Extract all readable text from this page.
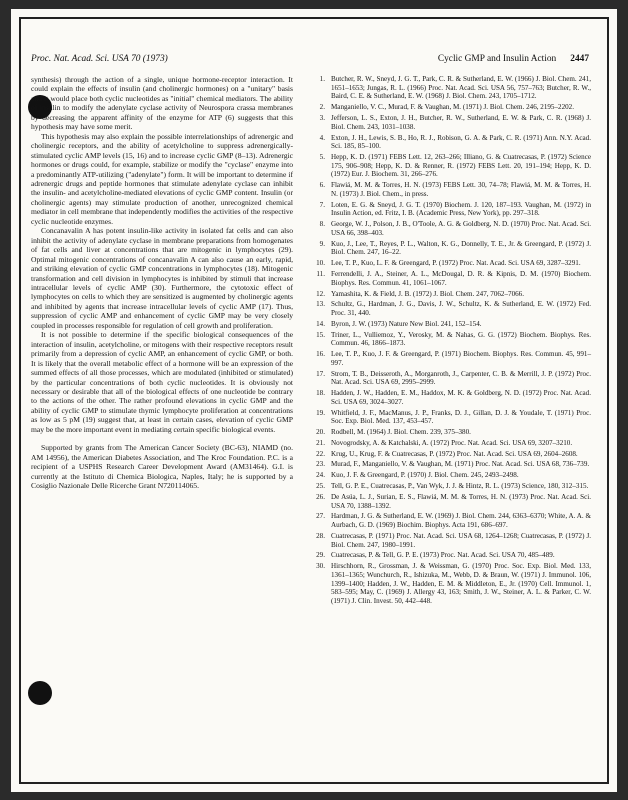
Proc. Nat. Acad. Sci. USA 70 (1973)	Cyclic GMP and Insulin Action 2447

synthesis) through the action of a single, unique hormone-receptor interaction. It could explain the effects of insulin (and cholinergic hormones) on a "unitary" basis and it would place both cyclic nucleotides as "initial" chemical mediators. The ability of insulin to modify the adenylate cyclase activity of Neurospora crassa membranes by decreasing the apparent affinity of the enzyme for ATP (6) suggests that this hypothesis may have some merit.

This hypothesis may also explain the possible interrelationships of adrenergic and cholinergic receptors, and the ability of acetylcholine to suppress adrenergically-stimulated cyclic AMP levels (15, 16) and to increase cyclic GMP (8–13). Adrenergic hormones or drugs could, for example, stabilize or modify the "cyclase" enzyme into a predominantly ATP-utilizing ("adenylate") form. It will be important to determine if adrenergic drugs and peptide hormones that stimulate adenylate cyclase can inhibit the insulin- and acetylcholine-mediated elevations of cyclic GMP content. Insulin (or cholinergic agents) may stimulate production of another, unrecognized chemical mediator in cell membrane that independently modifies the activities of the respective cyclic nucleotide enzymes.

Concanavalin A has potent insulin-like activity in isolated fat cells and can also inhibit the activity of adenylate cyclase in membrane preparations from homogenates of fat cells and liver at concentrations that are mitogenic in lymphocytes (29). Optimal mitogenic concentrations of concanavalin A can also cause an early, rapid, and striking elevation of cyclic GMP concentrations in lymphocytes (18). Mitogenic transformation and cell division in lymphocytes is inhibited by stimuli that increase intracellular levels of cyclic AMP (30). Furthermore, the cytotoxic effect of lymphocytes on cells to which they are sensitized is augmented by cholinergic agents and inhibited by agents that increase intracellular levels of cyclic AMP (17). Thus, suppression of cyclic AMP and enhancement of cyclic GMP may be very closely coupled in processes responsible for regulation of cell growth and proliferation.

It is not possible to determine if the specific biological consequences of the interaction of insulin, acetylcholine, or mitogens with their respective receptors result primarily from a depression of cyclic AMP, an enhancement of cyclic GMP, or both. It is likely that the overall metabolic effect of a hormone will be an expression of the summed effects of all those processes, which are modulated (inhibited or stimulated) by the particular concentrations of both cyclic nucleotides. It is obviously not necessary or desirable that all of the biological effects of one nucleotide be contrary to the actions of the other. The rather profound elevations in cyclic GMP and the ability of cyclic GMP to stimulate thymic lymphocyte proliferation at concentrations as low as 5 pM (19) suggest that, at least in certain cases, elevation of cyclic GMP may be the more important event in mediating certain specific biological events.

Supported by grants from The American Cancer Society (BC-63), NIAMD (no. AM 14956), the American Diabetes Association, and The Kroc Foundation. P.C. is a recipient of a USPHS Research Career Development Award (AM31464). G.I. is currently at the Istituto di Chemica Biologica, Naples, Italy; he is supported by a Cosiglio Nazionale Delle Ricerche Grant N720114065.

1. Butcher, R. W., Sneyd, J. G. T., Park, C. R. & Sutherland, E. W. (1966) J. Biol. Chem. 241, 1651–1653; Jungas, R. L. (1966) Proc. Nat. Acad. Sci. USA 56, 757–763; Butcher, R. W., Baird, C. E. & Sutherland, E. W. (1968) J. Biol. Chem. 243, 1705–1712.
2. Manganiello, V. C., Murad, F. & Vaughan, M. (1971) J. Biol. Chem. 246, 2195–2202.
3. Jefferson, L. S., Exton, J. H., Butcher, R. W., Sutherland, E. W. & Park, C. R. (1968) J. Biol. Chem. 243, 1031–1038.
4. Exton, J. H., Lewis, S. B., Ho, R. J., Robison, G. A. & Park, C. R. (1971) Ann. N.Y. Acad. Sci. 185, 85–100.
5. Hepp, K. D. (1971) FEBS Lett. 12, 263–266; Illiano, G. & Cuatrecasas, P. (1972) Science 175, 906–908; Hepp, K. D. & Renner, R. (1972) FEBS Lett. 20, 191–194; Hepp, K. D. (1972) Eur. J. Biochem. 31, 266–276.
6. Flawiá, M. M. & Torres, H. N. (1973) FEBS Lett. 30, 74–78; Flawiá, M. M. & Torres, H. N. (1973) J. Biol. Chem., in press.
7. Loten, E. G. & Sneyd, J. G. T. (1970) Biochem. J. 120, 187–193. Vaughan, M. (1972) in Insulin Action, ed. Fritz, I. B. (Academic Press, New York), pp. 297–318.
8. George, W. J., Polson, J. B., O'Toole, A. G. & Goldberg, N. D. (1970) Proc. Nat. Acad. Sci. USA 66, 398–403.
9. Kuo, J., Lee, T., Reyes, P. L., Walton, K. G., Donnelly, T. E., Jr. & Greengard, P. (1972) J. Biol. Chem. 247, 16–22.
10. Lee, T. P., Kuo, L. F. & Greengard, P. (1972) Proc. Nat. Acad. Sci. USA 69, 3287–3291.
11. Ferrendelli, J. A., Steiner, A. L., McDougal, D. R. & Kipnis, D. M. (1970) Biochem. Biophys. Res. Commun. 41, 1061–1067.
12. Yamashita, K. & Field, J. B. (1972) J. Biol. Chem. 247, 7062–7066.
13. Schultz, G., Hardman, J. G., Davis, J. W., Schultz, K. & Sutherland, E. W. (1972) Fed. Proc. 31, 440.
14. Byron, J. W. (1973) Nature New Biol. 241, 152–154.
15. Triner, L., Vulliemoz, Y., Verosky, M. & Nahas, G. G. (1972) Biochem. Biophys. Res. Commun. 46, 1866–1873.
16. Lee, T. P., Kuo, J. F. & Greengard, P. (1971) Biochem. Biophys. Res. Commun. 45, 991–997.
17. Strom, T. B., Deisseroth, A., Morganroth, J., Carpenter, C. B. & Merrill, J. P. (1972) Proc. Nat. Acad. Sci. USA 69, 2995–2999.
18. Hadden, J. W., Hadden, E. M., Haddox, M. K. & Goldberg, N. D. (1972) Proc. Nat. Acad. Sci. USA 69, 3024–3027.
19. Whitfield, J. F., MacManus, J. P., Franks, D. J., Gillan, D. J. & Youdale, T. (1971) Proc. Soc. Exp. Biol. Med. 137, 453–457.
20. Rodbell, M. (1964) J. Biol. Chem. 239, 375–380.
21. Novogrodsky, A. & Katchalski, A. (1972) Proc. Nat. Acad. Sci. USA 69, 3207–3210.
22. Krug, U., Krug, F. & Cuatrecasas, P. (1972) Proc. Nat. Acad. Sci. USA 69, 2604–2608.
23. Murad, F., Manganiello, V. & Vaughan, M. (1971) Proc. Nat. Acad. Sci. USA 68, 736–739.
24. Kuo, J. F. & Greengard, P. (1970) J. Biol. Chem. 245, 2493–2498.
25. Tell, G. P. E., Cuatrecasas, P., Van Wyk, J. J. & Hintz, R. L. (1973) Science, 180, 312–315.
26. De Asúa, L. J., Surian, E. S., Flawiá, M. M. & Torres, H. N. (1973) Proc. Nat. Acad. Sci. USA 70, 1388–1392.
27. Hardman, J. G. & Sutherland, E. W. (1969) J. Biol. Chem. 244, 6363–6370; White, A. A. & Aurbach, G. D. (1969) Biochim. Biophys. Acta 191, 686–697.
28. Cuatrecasas, P. (1971) Proc. Nat. Acad. Sci. USA 68, 1264–1268; Cuatrecasas, P. (1972) J. Biol. Chem. 247, 1980–1991.
29. Cuatrecasas, P. & Tell, G. P. E. (1973) Proc. Nat. Acad. Sci. USA 70, 485–489.
30. Hirschhorn, R., Grossman, J. & Weissman, G. (1970) Proc. Soc. Exp. Biol. Med. 133, 1361–1365; Wunchurch, R., Ishizuka, M., Webb, D. & Braun, W. (1971) J. Immunol. 106, 1399–1400; Hadden, J. W., Hadden, E. M. & Middleton, E., Jr. (1970) Cell. Immunol. 1, 583–595; May, C. (1969) J. Allergy 43, 163; Smith, J. W., Steiner, A. L. & Parker, C. W. (1971) J. Clin. Invest. 50, 442–448.
